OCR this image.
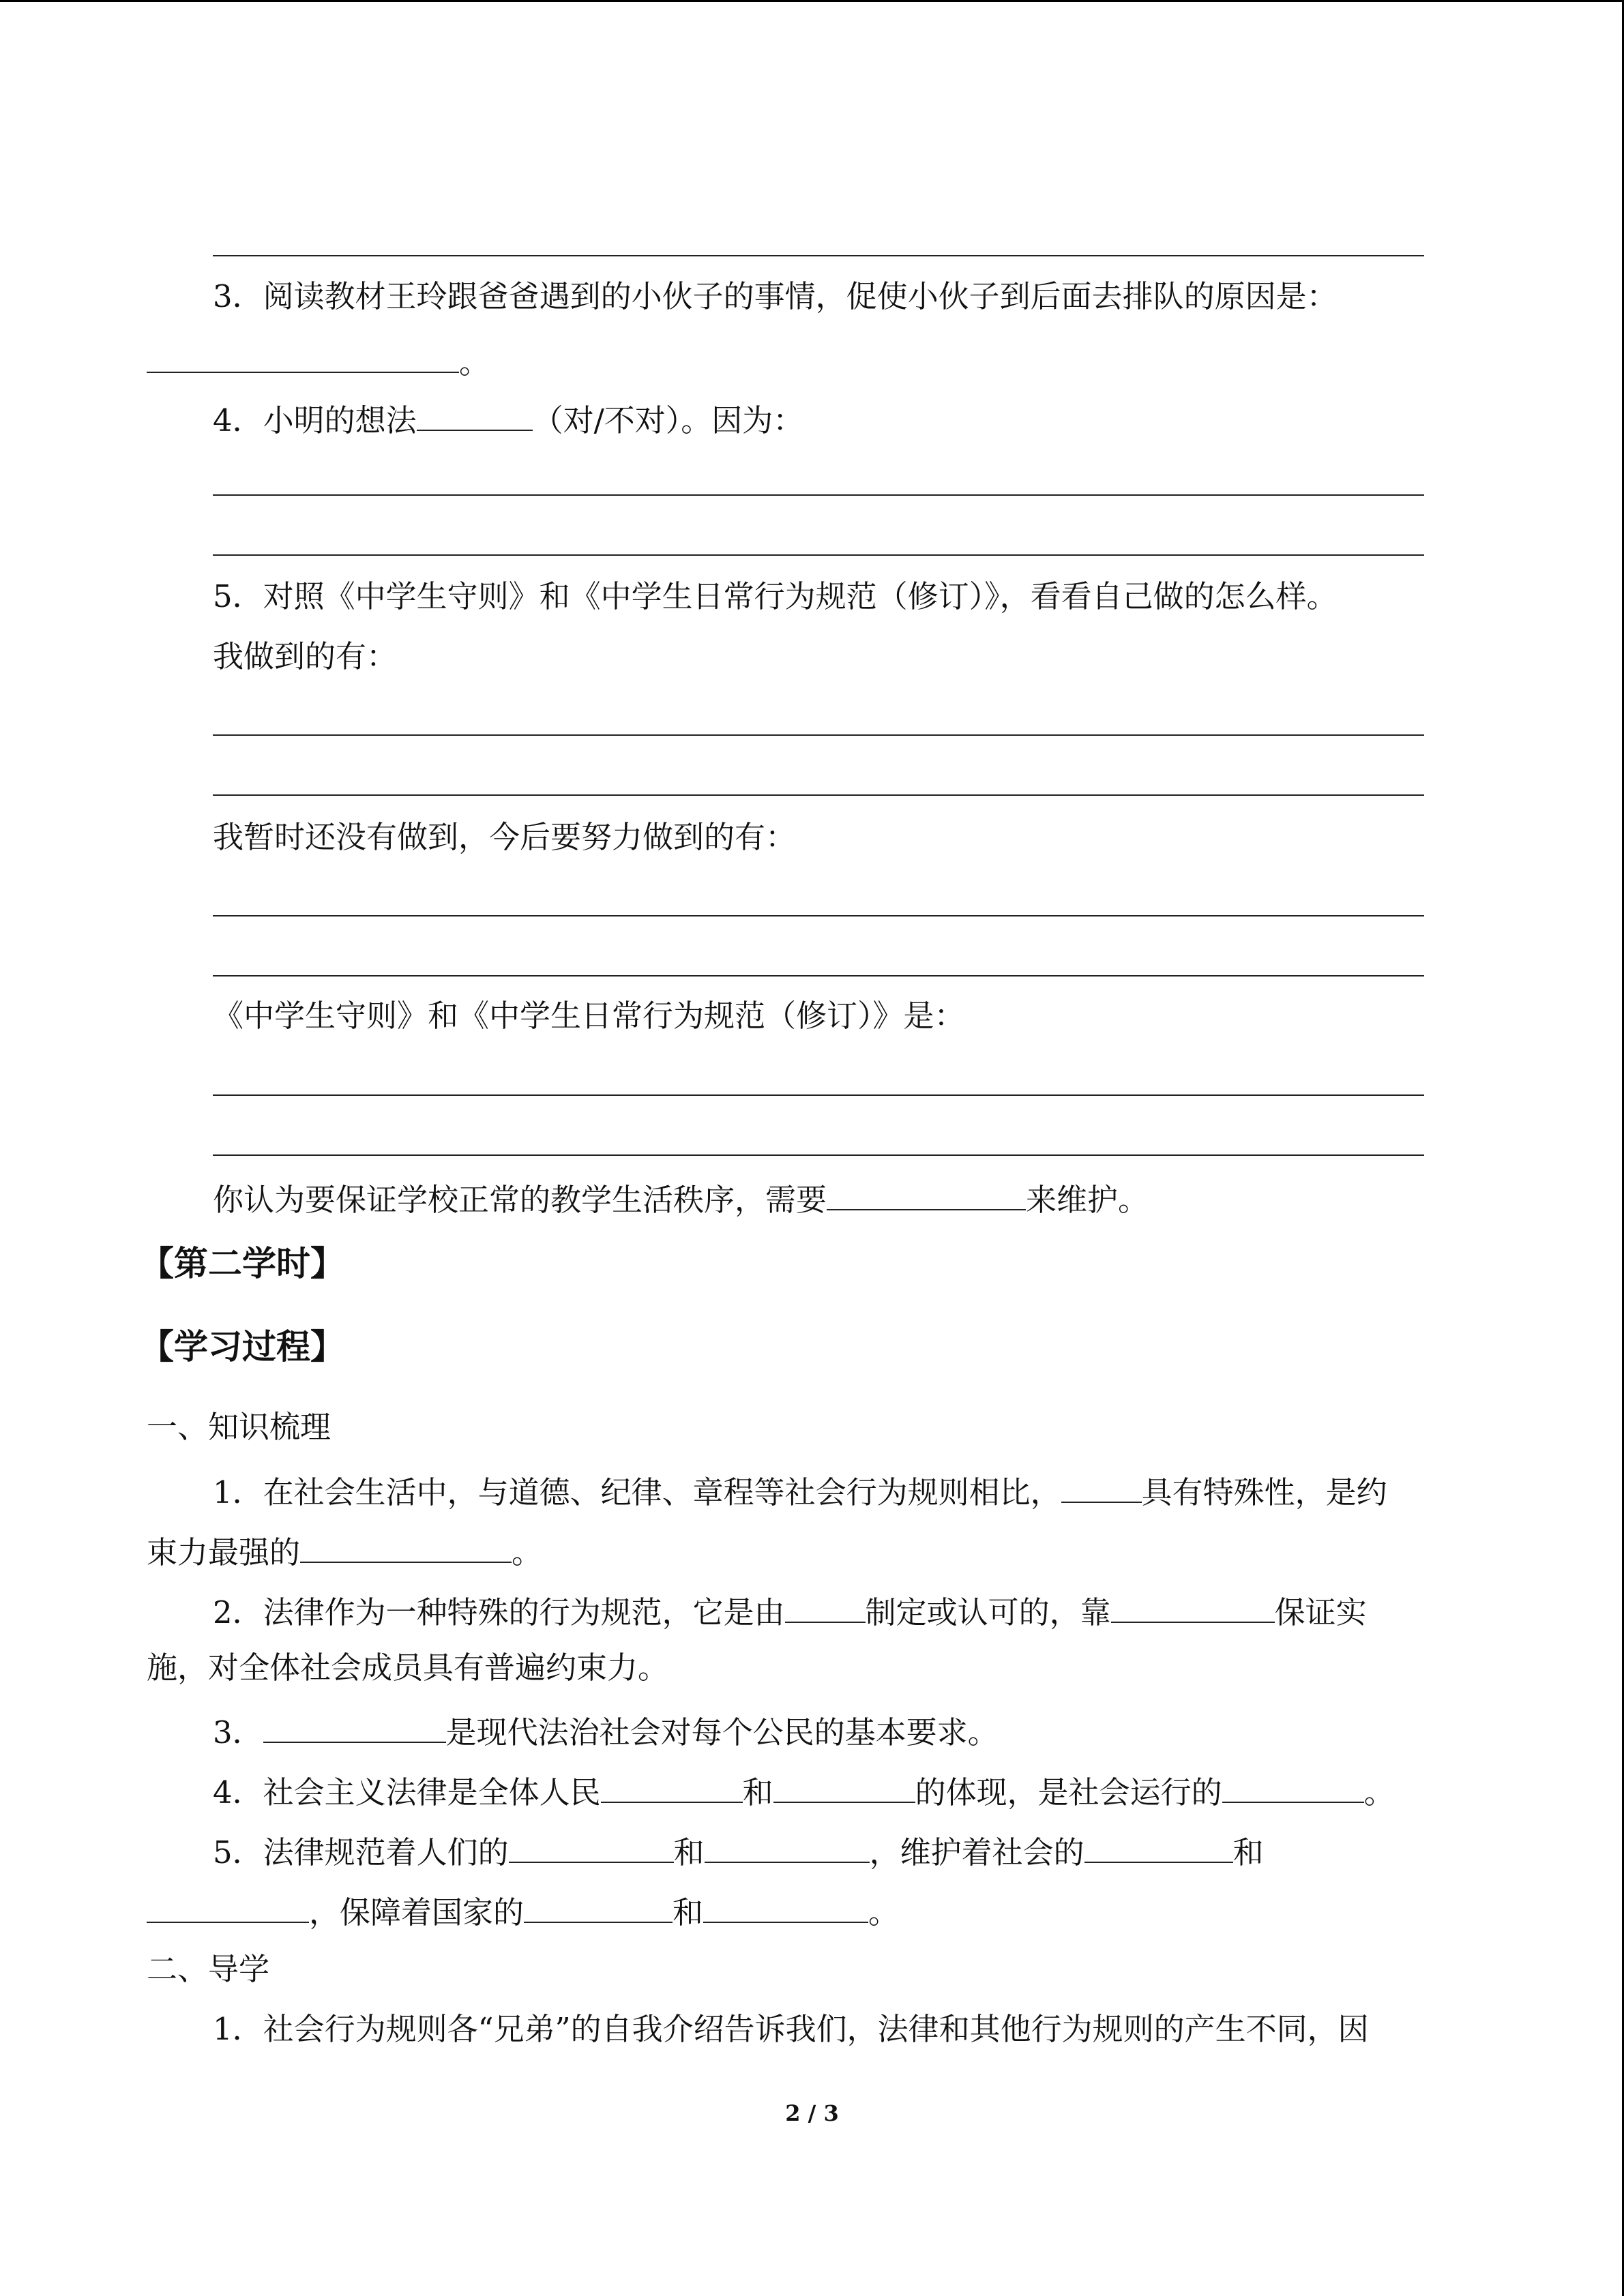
3．阅读教材王玲跟爸爸遇到的小伙子的事情，促使小伙子到后面去排队的原因是：
。
4．小明的想法	（对/不对）。因为：
5．对照《中学生守则》和《中学生日常行为规范（修订）》，看看自己做的怎么样。
我做到的有：
我暂时还没有做到，今后要努力做到的有：
《中学生守则》和《中学生日常行为规范（修订）》是：
你认为要保证学校正常的教学生活秩序，需要	来维护。
【第二学时】
【学习过程】
一、知识梳理
1．在社会生活中，与道德、纪律、章程等社会行为规则相比，	具有特殊性，是约
束力最强的	。
2．法律作为一种特殊的行为规范，它是由	制定或认可的，靠	保证实
施，对全体社会成员具有普遍约束力。
3．	是现代法治社会对每个公民的基本要求。
4．社会主义法律是全体人民	和	的体现，是社会运行的	。
5．法律规范着人们的	和	，维护着社会的	和
，保障着国家的	和	。
二、导学
1．社会行为规则各“兄弟”的自我介绍告诉我们，法律和其他行为规则的产生不同，因
2 / 3
